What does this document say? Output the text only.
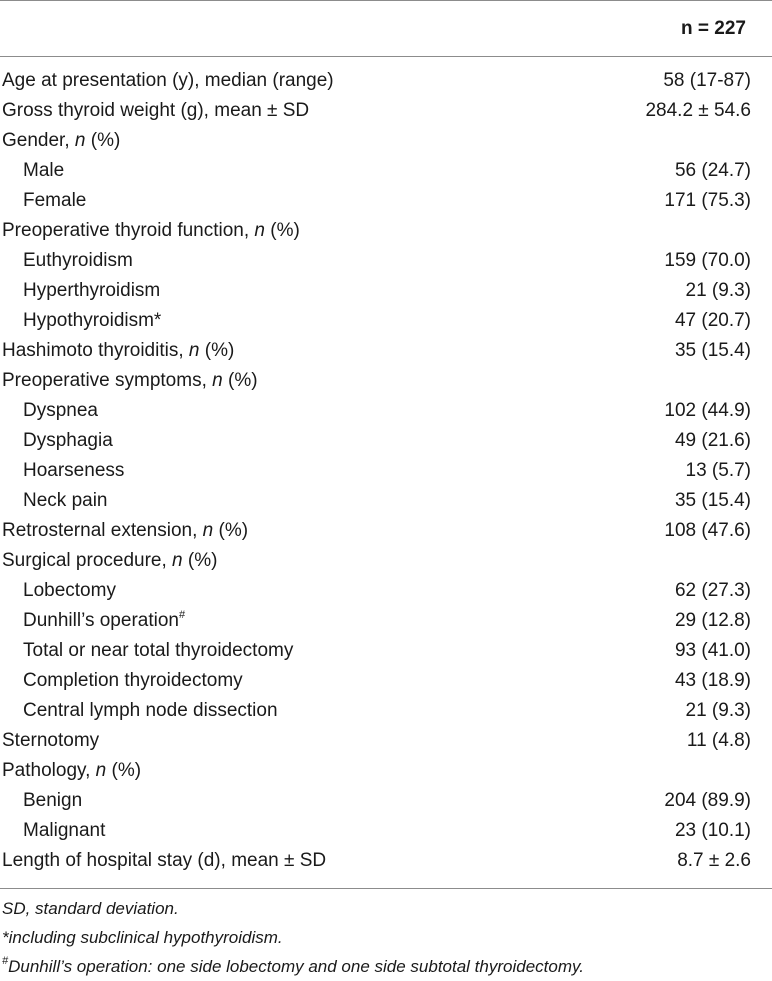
n = 227
Age at presentation (y), median (range)	58 (17-87)
Gross thyroid weight (g), mean ± SD	284.2 ± 54.6
Gender, n (%)
Male	56 (24.7)
Female	171 (75.3)
Preoperative thyroid function, n (%)
Euthyroidism	159 (70.0)
Hyperthyroidism	21 (9.3)
Hypothyroidism*	47 (20.7)
Hashimoto thyroiditis, n (%)	35 (15.4)
Preoperative symptoms, n (%)
Dyspnea	102 (44.9)
Dysphagia	49 (21.6)
Hoarseness	13 (5.7)
Neck pain	35 (15.4)
Retrosternal extension, n (%)	108 (47.6)
Surgical procedure, n (%)
Lobectomy	62 (27.3)
Dunhill’s operation#	29 (12.8)
Total or near total thyroidectomy	93 (41.0)
Completion thyroidectomy	43 (18.9)
Central lymph node dissection	21 (9.3)
Sternotomy	11 (4.8)
Pathology, n (%)
Benign	204 (89.9)
Malignant	23 (10.1)
Length of hospital stay (d), mean ± SD	8.7 ± 2.6
SD, standard deviation.
*including subclinical hypothyroidism.
#Dunhill’s operation: one side lobectomy and one side subtotal thyroidectomy.
